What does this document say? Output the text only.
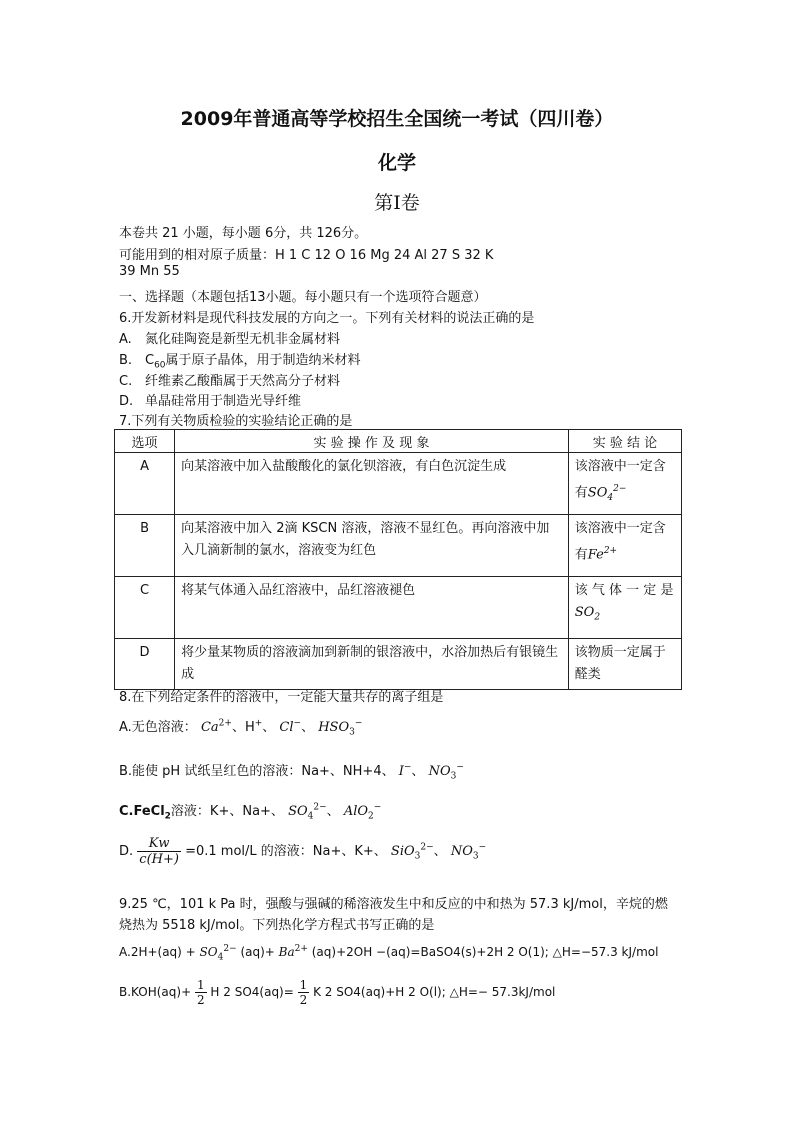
2009年普通高等学校招生全国统一考试（四川卷）
化学
第Ⅰ卷
本卷共 21 小题，每小题 6分，共 126分。
可能用到的相对原子质量：H 1 C 12 O 16 Mg 24 Al 27 S 32 K
39 Mn 55
一、选择题（本题包括13小题。每小题只有一个选项符合题意）
6.开发新材料是现代科技发展的方向之一。下列有关材料的说法正确的是
A. 氮化硅陶瓷是新型无机非金属材料
B. $C_{60}$属于原子晶体，用于制造纳米材料
C. 纤维素乙酸酯属于天然高分子材料
D. 单晶硅常用于制造光导纤维
7.下列有关物质检验的实验结论正确的是
选项	实 验 操 作 及 现 象	实 验 结 论
A	向某溶液中加入盐酸酸化的氯化钡溶液，有白色沉淀生成	该溶液中一定含
有$SO_4^{2-}$

B	向某溶液中加入 2滴 KSCN 溶液，溶液不显红色。再向溶液中加入几滴新制的氯水，溶液变为红色	该溶液中一定含
有$Fe^{2+}$

C	将某气体通入品红溶液中，品红溶液褪色	该 气 体 一 定 是
$SO_2$

D	将少量某物质的溶液滴加到新制的银溶液中，水浴加热后有银镜生成	该物质一定属于
醛类
8.在下列给定条件的溶液中，一定能大量共存的离子组是
A.无色溶液： $Ca^{2+}$、H+、 Cl−、 $HSO_3^-$
B.能使 pH 试纸呈红色的溶液：Na+、NH+4、 I−、 $NO_3^-$
C.FeCl$_2$溶液：K+、Na+、 $SO_4^{2-}$、 AlO$_2$−
D. $\frac{Kw}{c(H+)} =0.1$ mol/L 的溶液：Na+、K+、 SiO$_3^{2-}$、 $NO_3^-$
9.25 ℃，101 k Pa 时，强酸与强碱的稀溶液发生中和反应的中和热为 57.3 kJ/mol，辛烷的燃
烧热为 5518 kJ/mol。下列热化学方程式书写正确的是
$A.2H+(aq) + SO_4^{2-}$ $(aq)+ Ba^{2+}$ (aq)+2OH −(aq)=BaSO4(s)+2H 2 O(1); △H=−57.3 kJ/mol
$B.KOH(aq)+ \frac{1}{2}$ H 2 $SO4(aq)= \frac{1}{2}$ K 2 SO4(aq)+H 2 O(l); △H=− 57.3kJ/mol
